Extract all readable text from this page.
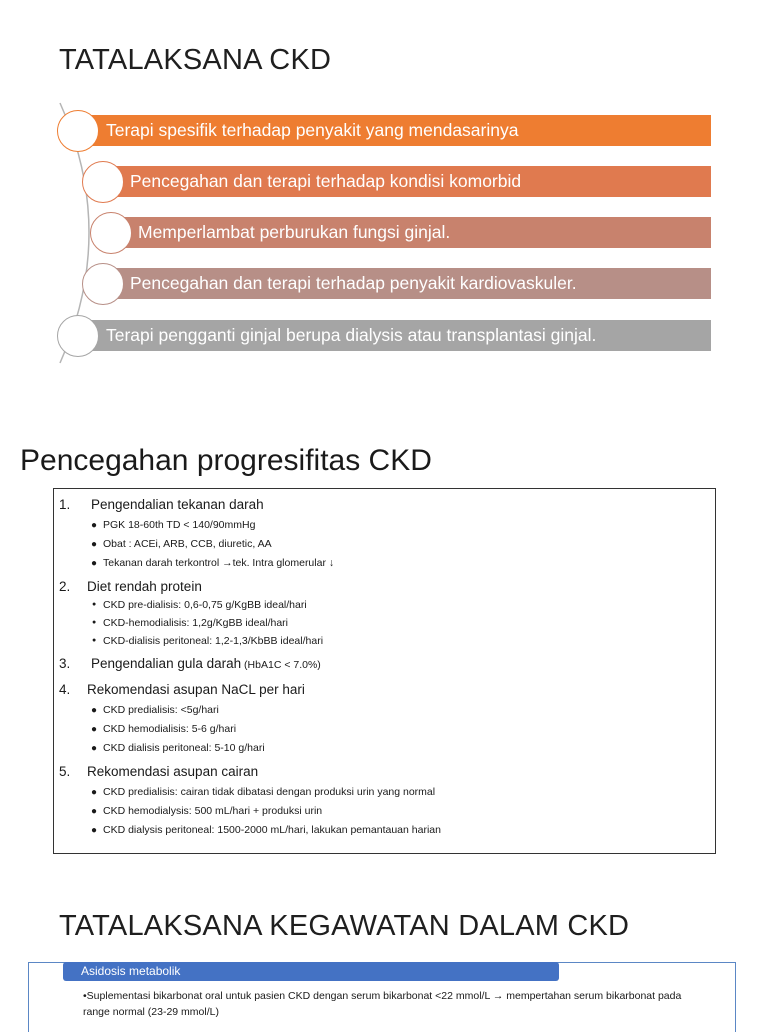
TATALAKSANA CKD
Terapi spesifik terhadap penyakit yang mendasarinya
Pencegahan dan terapi terhadap kondisi komorbid
Memperlambat perburukan fungsi ginjal.
Pencegahan dan terapi terhadap penyakit kardiovaskuler.
Terapi pengganti ginjal berupa dialysis atau transplantasi ginjal.
Pencegahan progresifitas CKD
1. Pengendalian tekanan darah
● PGK 18-60th TD < 140/90mmHg
● Obat : ACEi, ARB, CCB, diuretic, AA
● Tekanan darah terkontrol →tek. Intra glomerular ↓
2. Diet rendah protein
● CKD pre-dialisis: 0,6-0,75 g/KgBB ideal/hari
● CKD-hemodialisis: 1,2g/KgBB ideal/hari
● CKD-dialisis peritoneal: 1,2-1,3/KbBB ideal/hari
3. Pengendalian gula darah (HbA1C < 7.0%)
4. Rekomendasi asupan NaCL per hari
● CKD predialisis: <5g/hari
● CKD hemodialisis: 5-6 g/hari
● CKD dialisis peritoneal: 5-10 g/hari
5. Rekomendasi asupan cairan
● CKD predialisis: cairan tidak dibatasi dengan produksi urin yang normal
● CKD hemodialysis: 500 mL/hari + produksi urin
● CKD dialysis peritoneal: 1500-2000 mL/hari, lakukan pemantauan harian
TATALAKSANA KEGAWATAN DALAM CKD
Asidosis metabolik
•Suplementasi bikarbonat oral untuk pasien CKD dengan serum bikarbonat <22 mmol/L → mempertahan serum bikarbonat pada range normal (23-29 mmol/L)
